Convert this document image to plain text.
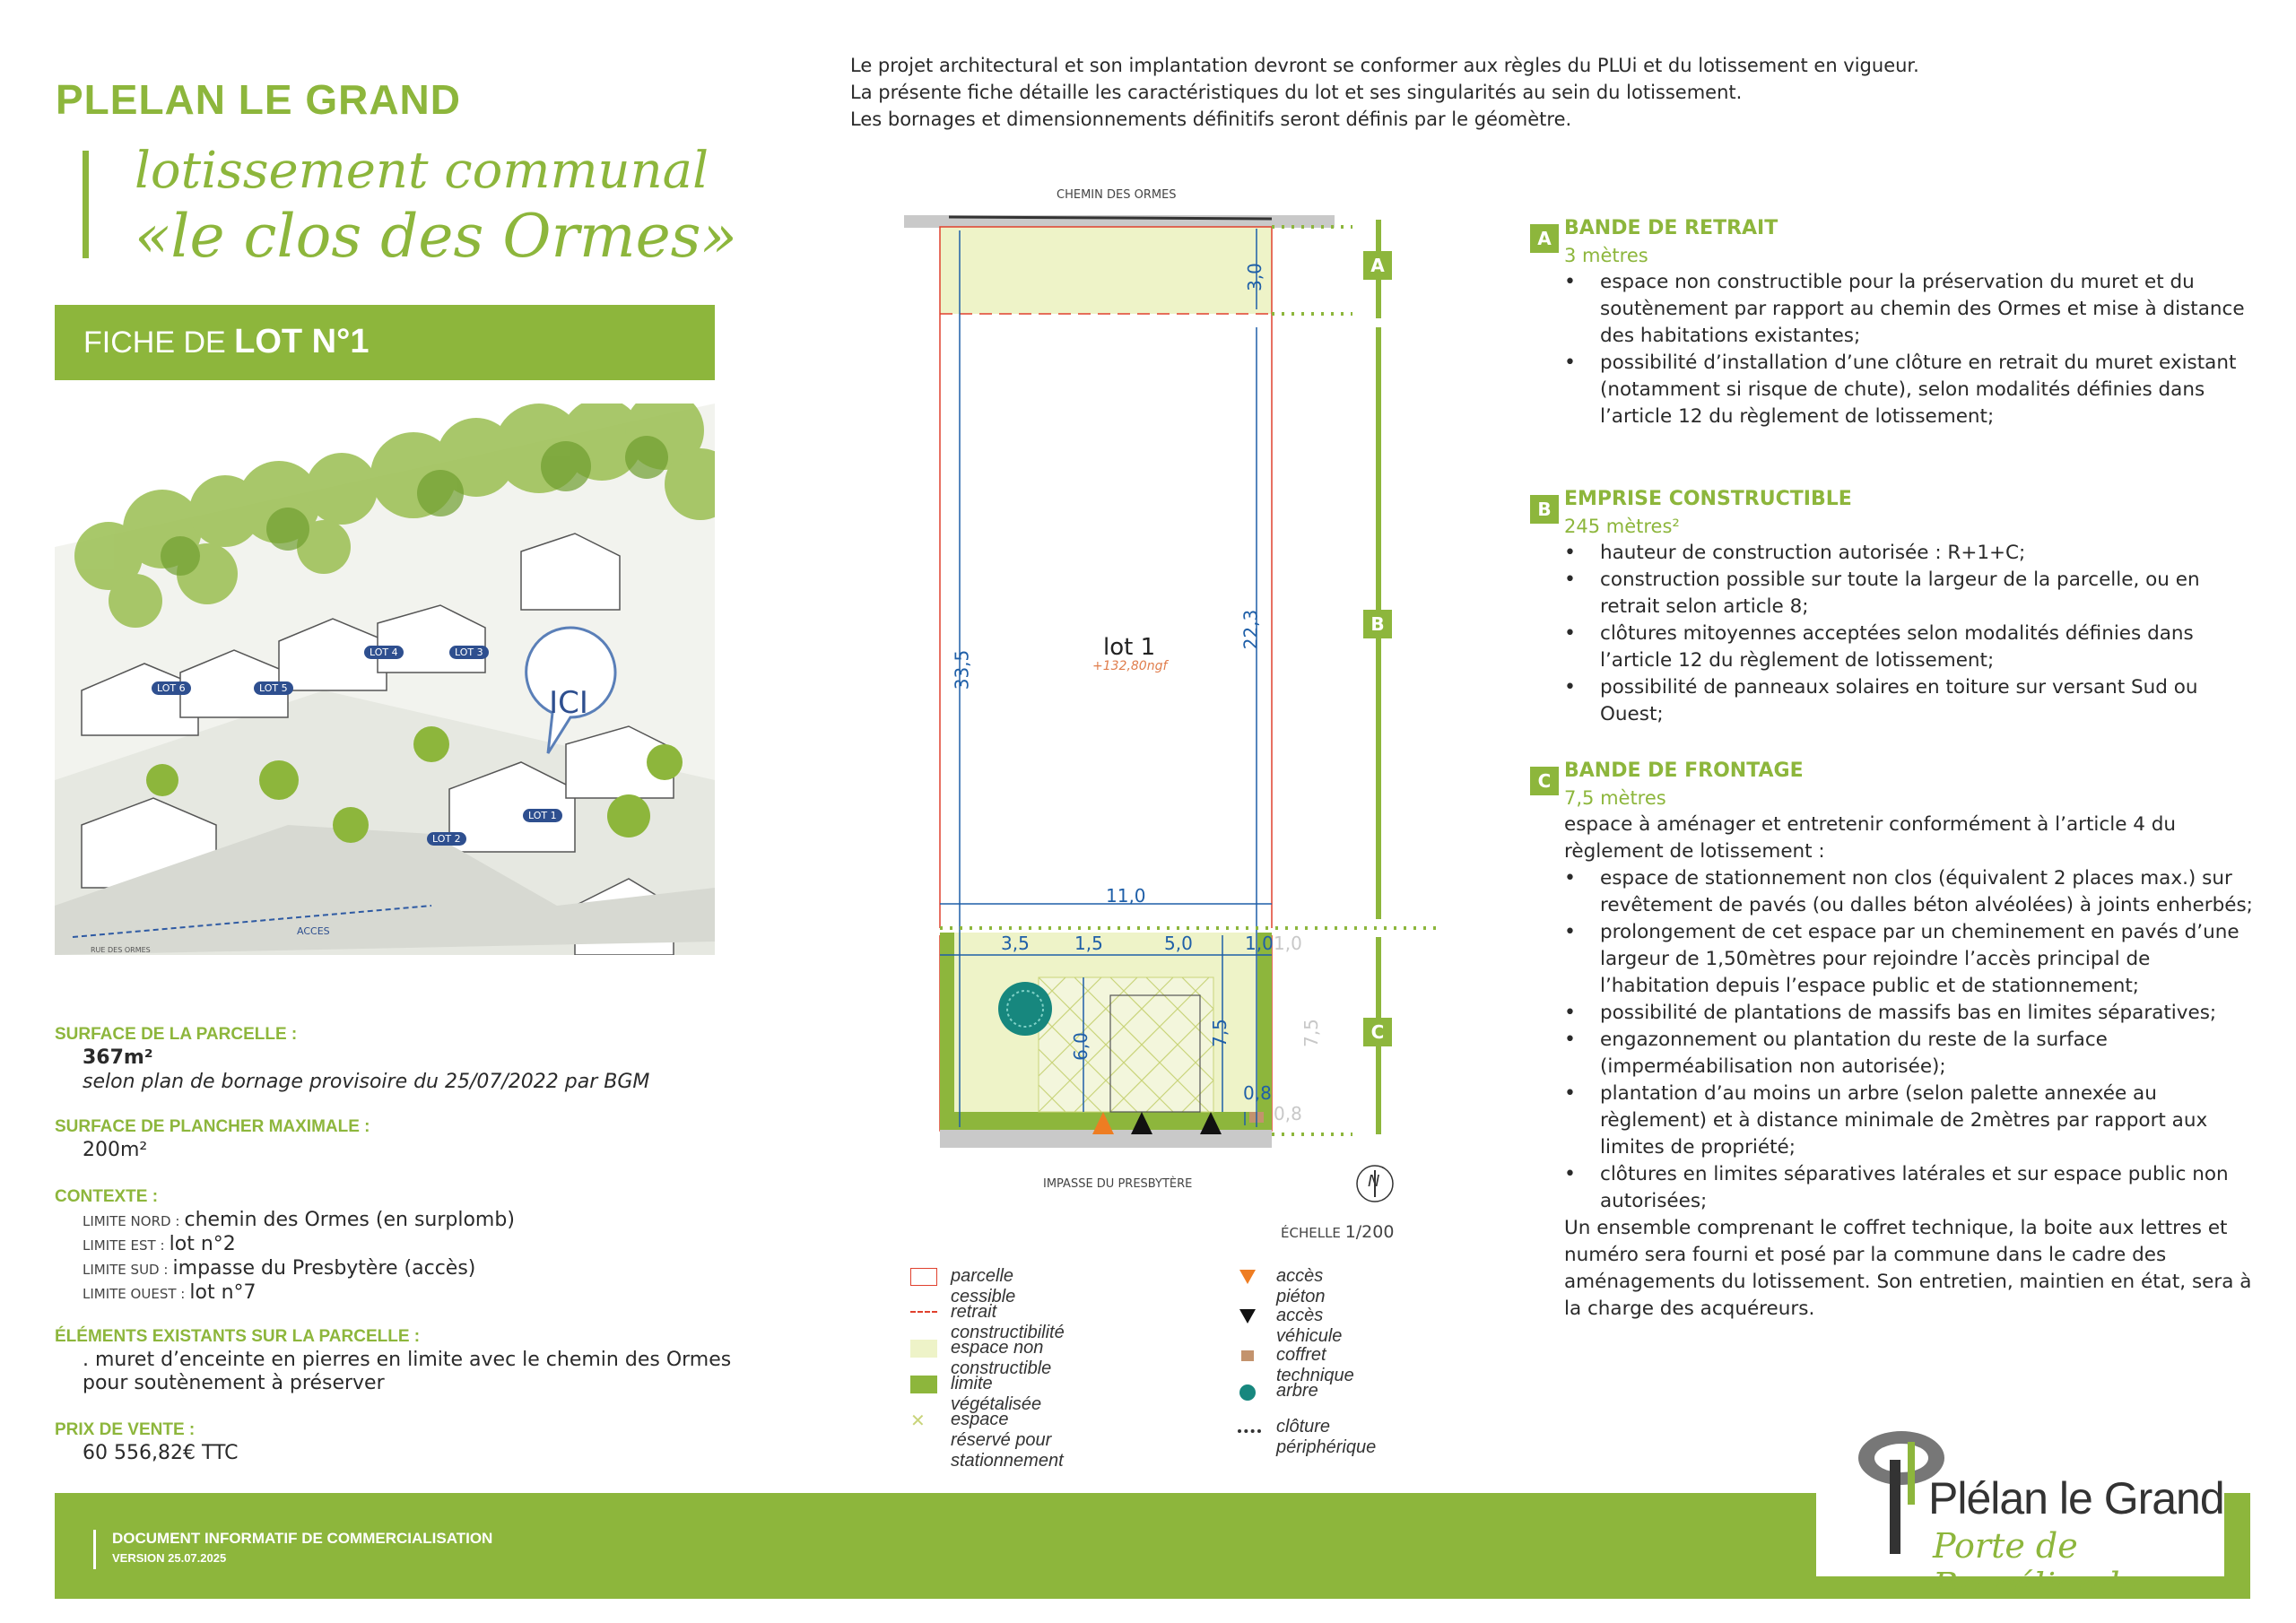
PLELAN LE GRAND
lotissement communal
«le clos des Ormes»
FICHE DE LOT N°1
ICI
LOT 6	LOT 5
LOT 4	LOT 3
LOT 1
LOT 2
ACCES
RUE DES ORMES
SURFACE DE LA PARCELLE :
367m²
selon plan de bornage provisoire du 25/07/2022 par BGM
SURFACE DE PLANCHER MAXIMALE :
200m²
CONTEXTE :
LIMITE NORD : chemin des Ormes (en surplomb)
LIMITE EST : lot n°2
LIMITE SUD : impasse du Presbytère (accès)
LIMITE OUEST : lot n°7
ÉLÉMENTS EXISTANTS SUR LA PARCELLE :
. muret d’enceinte en pierres en limite avec le chemin des Ormes
pour soutènement à préserver
PRIX DE VENTE :
60 556,82€ TTC
Le projet architectural et son implantation devront se conformer aux règles du PLUi et du lotissement en vigueur.
La présente fiche détaille les caractéristiques du lot et ses singularités au sein du lotissement.
Les bornages et dimensionnements définitifs seront définis par le géomètre.
CHEMIN DES ORMES
IMPASSE DU PRESBYTÈRE
lot 1
+132,80ngf
3,0
33,5
22,3
11,0
3,5	1,5	5,0	1,0 1,0
6,0	7,5	7,5
0,8
0,8
A
B
C
N
ÉCHELLE 1/200
parcelle cessible
retrait constructibilité
espace non constructible
limite végétalisée
✕	espace réservé pour stationnement
accès piéton
accès véhicule
coffret technique
arbre
clôture périphérique
A BANDE DE RETRAIT
3 mètres
• espace non constructible pour la préservation du muret et du soutènement par rapport au chemin des Ormes et mise à distance des habitations existantes;
• possibilité d’installation d’une clôture en retrait du muret existant (notamment si risque de chute), selon modalités définies dans l’article 12 du règlement de lotissement;
B EMPRISE CONSTRUCTIBLE
245 mètres²
• hauteur de construction autorisée : R+1+C;
• construction possible sur toute la largeur de la parcelle, ou en retrait selon article 8;
• clôtures mitoyennes acceptées selon modalités définies dans l’article 12 du règlement de lotissement;
• possibilité de panneaux solaires en toiture sur versant Sud ou Ouest;
C BANDE DE FRONTAGE
7,5 mètres
espace à aménager et entretenir conformément à l’article 4 du règlement de lotissement :
• espace de stationnement non clos (équivalent 2 places max.) sur revêtement de pavés (ou dalles béton alvéolées) à joints enherbés;
• prolongement de cet espace par un cheminement en pavés d’une largeur de 1,50mètres pour rejoindre l’accès principal de l’habitation depuis l’espace public et de stationnement;
• possibilité de plantations de massifs bas en limites séparatives;
• engazonnement ou plantation du reste de la surface (imperméabilisation non autorisée);
• plantation d’au moins un arbre (selon palette annexée au règlement) et à distance minimale de 2mètres par rapport aux limites de propriété;
• clôtures en limites séparatives latérales et sur espace public non autorisées;
Un ensemble comprenant le coffret technique, la boite aux lettres et numéro sera fourni et posé par la commune dans le cadre des aménagements du lotissement. Son entretien, maintien en état, sera à la charge des acquéreurs.
DOCUMENT INFORMATIF DE COMMERCIALISATION
VERSION 25.07.2025
Plélan le Grand
Porte de Brocéliande
